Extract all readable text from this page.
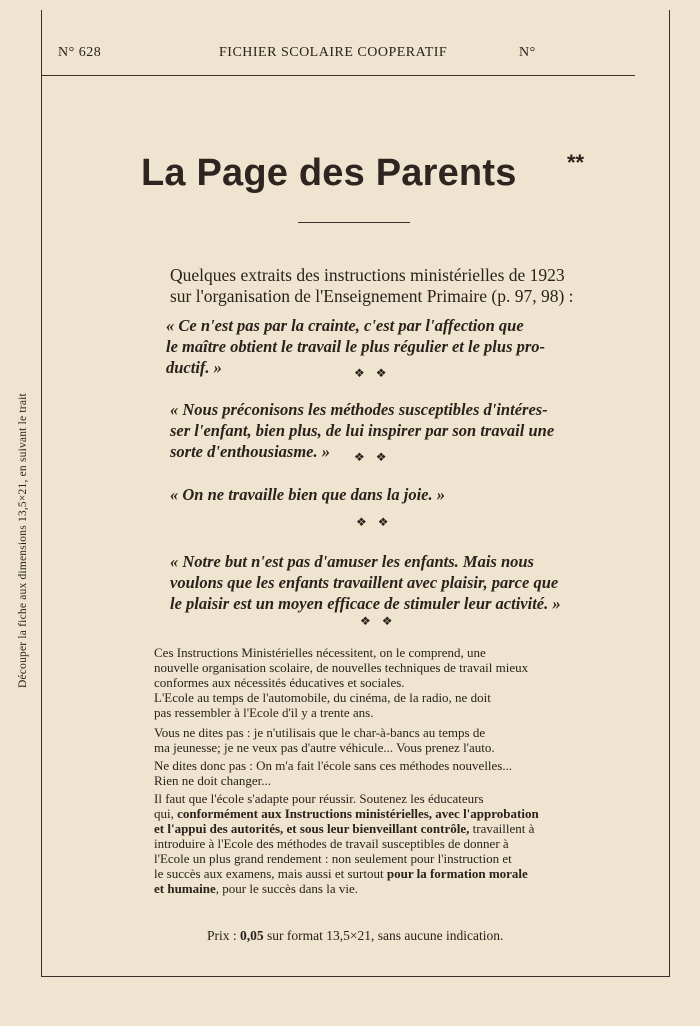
N° 628	FICHIER SCOLAIRE COOPERATIF	N°
Découper la fiche aux dimensions 13,5×21, en suivant le trait
La Page des Parents **
Quelques extraits des instructions ministérielles de 1923
sur l'organisation de l'Enseignement Primaire (p. 97, 98) :
« Ce n'est pas par la crainte, c'est par l'affection que
le maître obtient le travail le plus régulier et le plus pro-
ductif. »	❖ ❖
« Nous préconisons les méthodes susceptibles d'intéres-
ser l'enfant, bien plus, de lui inspirer par son travail une
sorte d'enthousiasme. »	❖ ❖
« On ne travaille bien que dans la joie. »
❖ ❖
« Notre but n'est pas d'amuser les enfants. Mais nous
voulons que les enfants travaillent avec plaisir, parce que
le plaisir est un moyen efficace de stimuler leur activité. »
❖ ❖
Ces Instructions Ministérielles nécessitent, on le comprend, une
nouvelle organisation scolaire, de nouvelles techniques de travail mieux
conformes aux nécessités éducatives et sociales.
L'Ecole au temps de l'automobile, du cinéma, de la radio, ne doit
pas ressembler à l'Ecole d'il y a trente ans.
Vous ne dites pas : je n'utilisais que le char-à-bancs au temps de
ma jeunesse; je ne veux pas d'autre véhicule... Vous prenez l'auto.
Ne dites donc pas : On m'a fait l'école sans ces méthodes nouvelles...
Rien ne doit changer...
Il faut que l'école s'adapte pour réussir. Soutenez les éducateurs
qui, conformément aux Instructions ministérielles, avec l'approbation
et l'appui des autorités, et sous leur bienveillant contrôle, travaillent à
introduire à l'Ecole des méthodes de travail susceptibles de donner à
l'Ecole un plus grand rendement : non seulement pour l'instruction et
le succès aux examens, mais aussi et surtout pour la formation morale
et humaine, pour le succès dans la vie.
Prix : 0,05 sur format 13,5×21, sans aucune indication.
